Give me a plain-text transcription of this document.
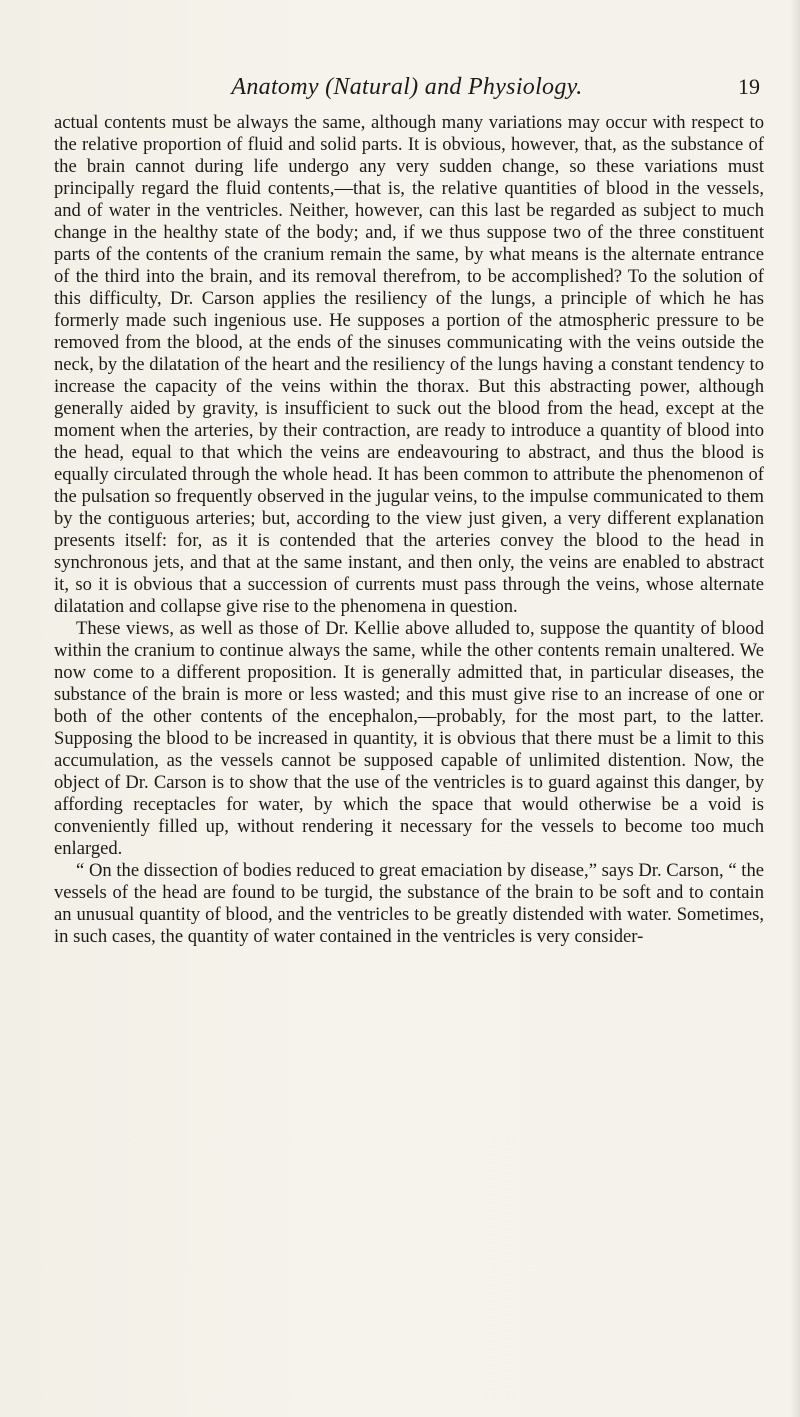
Anatomy (Natural) and Physiology.	19

actual contents must be always the same, although many variations may occur with respect to the relative proportion of fluid and solid parts. It is obvious, however, that, as the substance of the brain cannot during life undergo any very sudden change, so these variations must principally regard the fluid contents,—that is, the relative quantities of blood in the vessels, and of water in the ventricles. Neither, however, can this last be regarded as subject to much change in the healthy state of the body; and, if we thus suppose two of the three constituent parts of the contents of the cranium remain the same, by what means is the alternate entrance of the third into the brain, and its removal therefrom, to be accomplished? To the solution of this difficulty, Dr. Carson applies the resiliency of the lungs, a principle of which he has formerly made such ingenious use. He supposes a portion of the atmospheric pressure to be removed from the blood, at the ends of the sinuses communicating with the veins outside the neck, by the dilatation of the heart and the resiliency of the lungs having a constant tendency to increase the capacity of the veins within the thorax. But this abstracting power, although generally aided by gravity, is insufficient to suck out the blood from the head, except at the moment when the arteries, by their contraction, are ready to introduce a quantity of blood into the head, equal to that which the veins are endeavouring to abstract, and thus the blood is equally circulated through the whole head. It has been common to attribute the phenomenon of the pulsation so frequently observed in the jugular veins, to the impulse communicated to them by the contiguous arteries; but, according to the view just given, a very different explanation presents itself: for, as it is contended that the arteries convey the blood to the head in synchronous jets, and that at the same instant, and then only, the veins are enabled to abstract it, so it is obvious that a succession of currents must pass through the veins, whose alternate dilatation and collapse give rise to the phenomena in question.

These views, as well as those of Dr. Kellie above alluded to, suppose the quantity of blood within the cranium to continue always the same, while the other contents remain unaltered. We now come to a different proposition. It is generally admitted that, in particular diseases, the substance of the brain is more or less wasted; and this must give rise to an increase of one or both of the other contents of the encephalon,—probably, for the most part, to the latter. Supposing the blood to be increased in quantity, it is obvious that there must be a limit to this accumulation, as the vessels cannot be supposed capable of unlimited distention. Now, the object of Dr. Carson is to show that the use of the ventricles is to guard against this danger, by affording receptacles for water, by which the space that would otherwise be a void is conveniently filled up, without rendering it necessary for the vessels to become too much enlarged.

“ On the dissection of bodies reduced to great emaciation by disease,” says Dr. Carson, “ the vessels of the head are found to be turgid, the substance of the brain to be soft and to contain an unusual quantity of blood, and the ventricles to be greatly distended with water. Sometimes, in such cases, the quantity of water contained in the ventricles is very consider-
